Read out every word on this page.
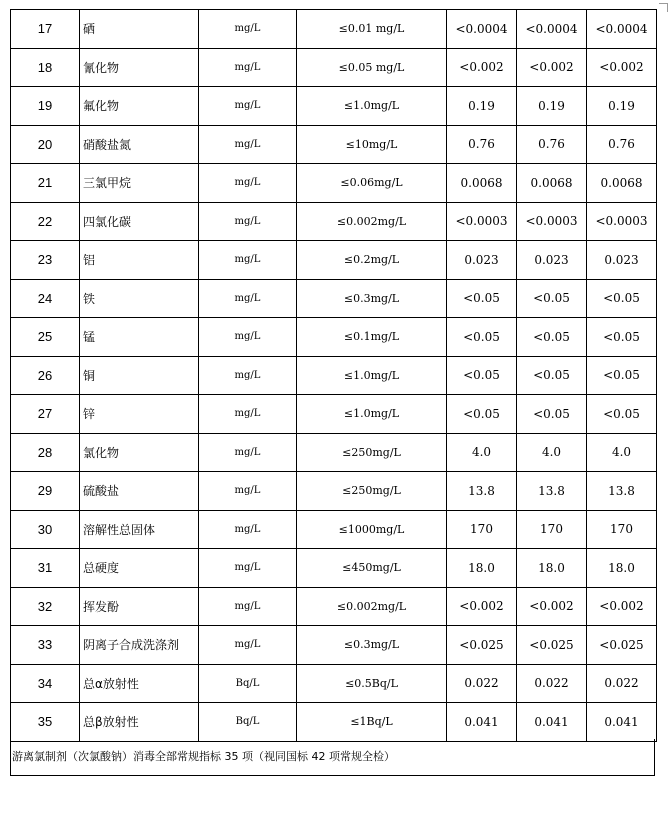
17	硒	mg/L	≤0.01 mg/L	<0.0004	<0.0004	<0.0004
18	氰化物	mg/L	≤0.05 mg/L	<0.002	<0.002	<0.002
19	氟化物	mg/L	≤1.0mg/L	0.19	0.19	0.19
20	硝酸盐氮	mg/L	≤10mg/L	0.76	0.76	0.76
21	三氯甲烷	mg/L	≤0.06mg/L	0.0068	0.0068	0.0068
22	四氯化碳	mg/L	≤0.002mg/L	<0.0003	<0.0003	<0.0003
23	铝	mg/L	≤0.2mg/L	0.023	0.023	0.023
24	铁	mg/L	≤0.3mg/L	<0.05	<0.05	<0.05
25	锰	mg/L	≤0.1mg/L	<0.05	<0.05	<0.05
26	铜	mg/L	≤1.0mg/L	<0.05	<0.05	<0.05
27	锌	mg/L	≤1.0mg/L	<0.05	<0.05	<0.05
28	氯化物	mg/L	≤250mg/L	4.0	4.0	4.0
29	硫酸盐	mg/L	≤250mg/L	13.8	13.8	13.8
30	溶解性总固体	mg/L	≤1000mg/L	170	170	170
31	总硬度	mg/L	≤450mg/L	18.0	18.0	18.0
32	挥发酚	mg/L	≤0.002mg/L	<0.002	<0.002	<0.002
33	阴离子合成洗涤剂	mg/L	≤0.3mg/L	<0.025	<0.025	<0.025
34	总α放射性	Bq/L	≤0.5Bq/L	0.022	0.022	0.022
35	总β放射性	Bq/L	≤1Bq/L	0.041	0.041	0.041
游离氯制剂（次氯酸钠）消毒全部常规指标 35 项（视同国标 42 项常规全检）
